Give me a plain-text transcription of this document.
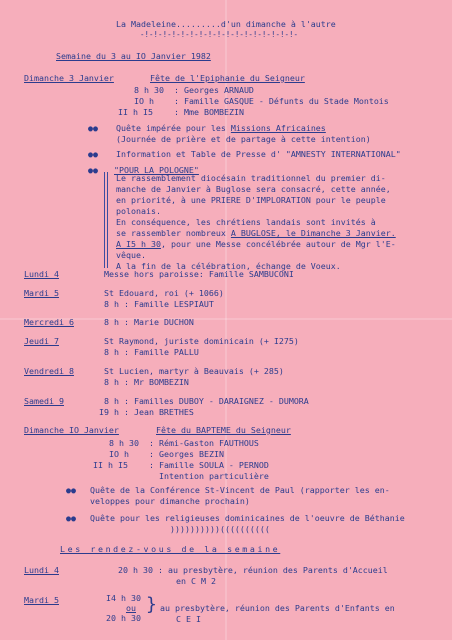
La Madeleine.........d'un dimanche à l'autre
-!-!-!-!-!-!-!-!-!-!-!-!-!-!-!-!-!-
Semaine du 3 au IO Janvier 1982
Dimanche 3 Janvier	Fête de l'Epiphanie du Seigneur
8 h 30 : Georges ARNAUD
IO h : Famille GASQUE - Défunts du Stade Montois
II h I5	: Mme BOMBEZIN
●● Quête impérée pour les Missions Africaines
(Journée de prière et de partage à cette intention)
●● Information et Table de Presse d' "AMNESTY INTERNATIONAL"
●● "POUR LA POLOGNE"
Le rassemblement diocésain traditionnel du premier di-
manche de Janvier à Buglose sera consacré, cette année,
en priorité, à une PRIERE D'IMPLORATION pour le peuple
polonais.
En conséquence, les chrétiens landais sont invités à
se rassembler nombreux A BUGLOSE, le Dimanche 3 Janvier.
A I5 h 30, pour une Messe concélébrée autour de Mgr l'E-
vêque.
A la fin de la célébration, échange de Voeux.
Lundi 4	Messe hors paroisse: Famille SAMBUCONI
Mardi 5	St Edouard, roi (+ 1066)
8 h : Famille LESPIAUT
Mercredi 6	8 h : Marie DUCHON
Jeudi 7	St Raymond, juriste dominicain (+ I275)
8 h : Famille PALLU
Vendredi 8	St Lucien, martyr à Beauvais (+ 285)
8 h : Mr BOMBEZIN
Samedi 9	8 h : Familles DUBOY - DARAIGNEZ - DUMORA
I9 h : Jean BRETHES
Dimanche IO Janvier	Fête du BAPTEME du Seigneur
8 h 30 : Rémi-Gaston FAUTHOUS
IO h : Georges BEZIN
II h I5	: Famille SOULA - PERNOD
Intention particulière
●● Quête de la Conférence St-Vincent de Paul (rapporter les en-
veloppes pour dimanche prochain)
●● Quête pour les religieuses dominicaines de l'oeuvre de Béthanie
))))))))))((((((((((
Les rendez-vous de la semaine
Lundi 4	20 h 30 : au presbytère, réunion des Parents d'Accueil
en C M 2
Mardi 5	I4 h 30
ou
20 h 30
} au presbytère, réunion des Parents d'Enfants en
C E I
